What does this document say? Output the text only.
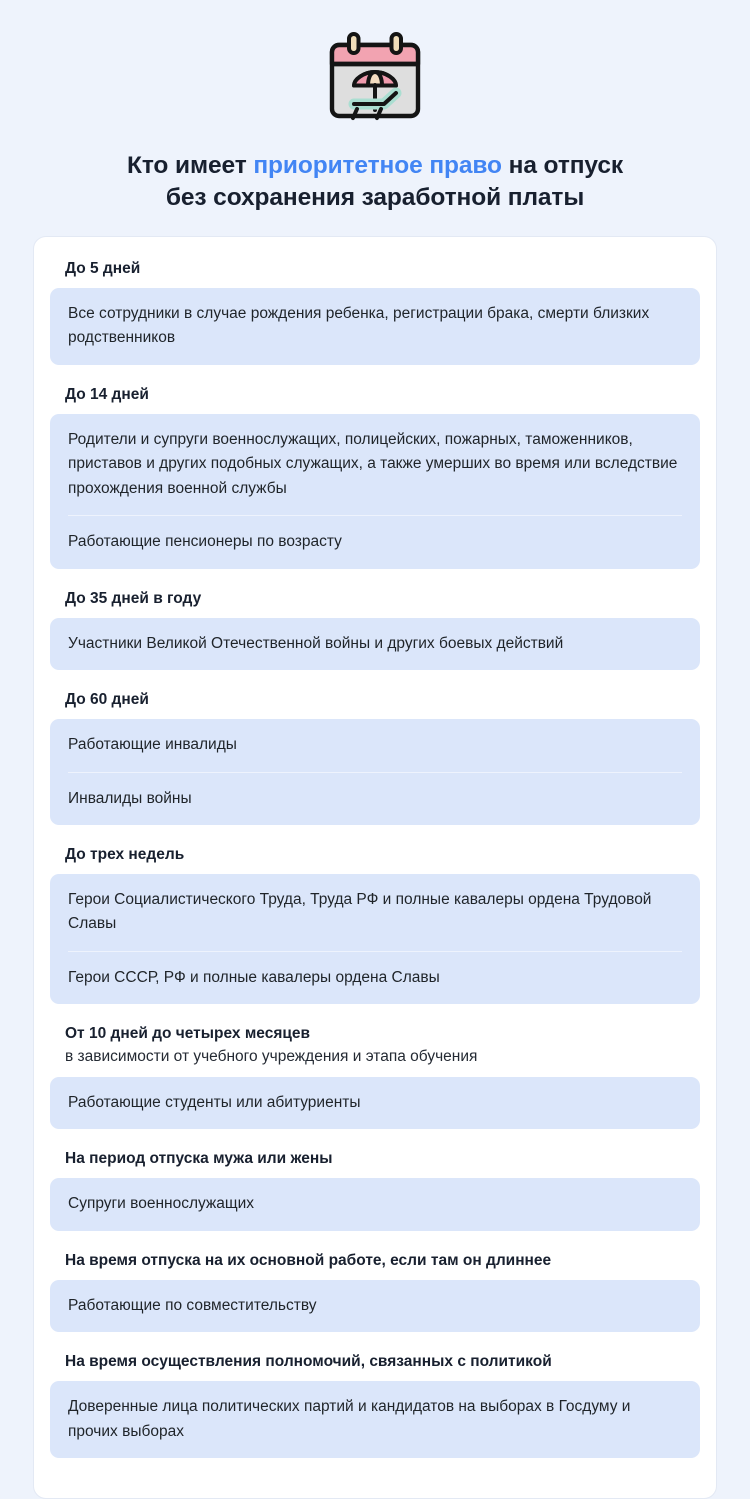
Кто имеет приоритетное право на отпуск
без сохранения заработной платы
До 5 дней
Все сотрудники в случае рождения ребенка, регистрации брака, смерти близких родственников
До 14 дней
Родители и супруги военнослужащих, полицейских, пожарных, таможенников, приставов и других подобных служащих, а также умерших во время или вследствие прохождения военной службы
Работающие пенсионеры по возрасту
До 35 дней в году
Участники Великой Отечественной войны и других боевых действий
До 60 дней
Работающие инвалиды
Инвалиды войны
До трех недель
Герои Социалистического Труда, Труда РФ и полные кавалеры ордена Трудовой Славы
Герои СССР, РФ и полные кавалеры ордена Славы
От 10 дней до четырех месяцев
в зависимости от учебного учреждения и этапа обучения
Работающие студенты или абитуриенты
На период отпуска мужа или жены
Супруги военнослужащих
На время отпуска на их основной работе, если там он длиннее
Работающие по совместительству
На время осуществления полномочий, связанных с политикой
Доверенные лица политических партий и кандидатов на выборах в Госдуму и прочих выборах
